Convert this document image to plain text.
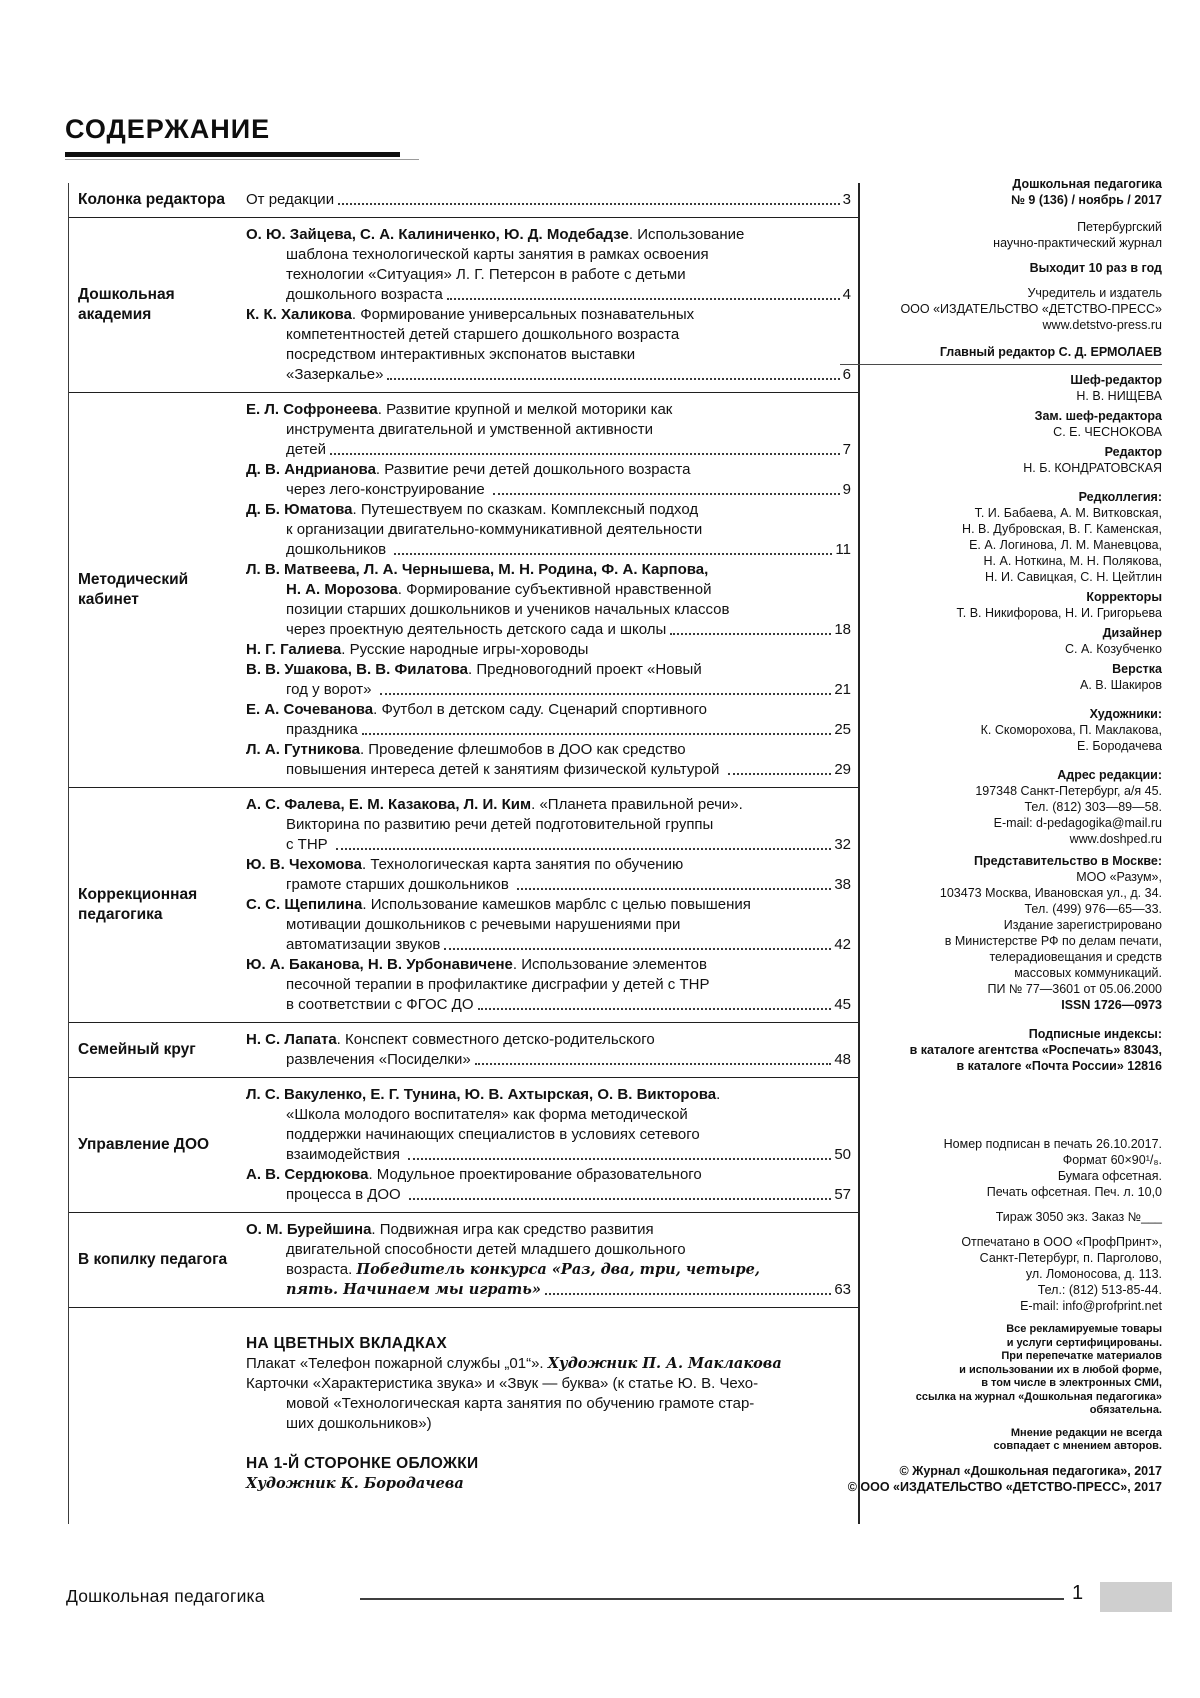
СОДЕРЖАНИЕ
Колонка редактора	От редакции	3
Дошкольная академия
О. Ю. Зайцева, С. А. Калиниченко, Ю. Д. Модебадзе. Использование
шаблона технологической карты занятия в рамках освоения
технологии «Ситуация» Л. Г. Петерсон в работе с детьми
дошкольного возраста	4
К. К. Халикова. Формирование универсальных познавательных
компетентностей детей старшего дошкольного возраста
посредством интерактивных экспонатов выставки
«Зазеркалье»	6
Методический кабинет
Е. Л. Софронеева. Развитие крупной и мелкой моторики как
инструмента двигательной и умственной активности
детей	7
Д. В. Андрианова. Развитие речи детей дошкольного возраста
через лего-конструирование	9
Д. Б. Юматова. Путешествуем по сказкам. Комплексный подход
к организации двигательно-коммуникативной деятельности
дошкольников	11
Л. В. Матвеева, Л. А. Чернышева, М. Н. Родина, Ф. А. Карпова,
Н. А. Морозова. Формирование субъективной нравственной
позиции старших дошкольников и учеников начальных классов
через проектную деятельность детского сада и школы	18
Н. Г. Галиева. Русские народные игры-хороводы
В. В. Ушакова, В. В. Филатова. Предновогодний проект «Новый
год у ворот»	21
Е. А. Сочеванова. Футбол в детском саду. Сценарий спортивного
праздника	25
Л. А. Гутникова. Проведение флешмобов в ДОО как средство
повышения интереса детей к занятиям физической культурой	29
Коррекционная педагогика
А. С. Фалева, Е. М. Казакова, Л. И. Ким. «Планета правильной речи».
Викторина по развитию речи детей подготовительной группы
с ТНР	32
Ю. В. Чехомова. Технологическая карта занятия по обучению
грамоте старших дошкольников	38
С. С. Щепилина. Использование камешков марблс с целью повышения
мотивации дошкольников с речевыми нарушениями при
автоматизации звуков	42
Ю. А. Баканова, Н. В. Урбонавичене. Использование элементов
песочной терапии в профилактике дисграфии у детей с ТНР
в соответствии с ФГОС ДО	45
Семейный круг
Н. С. Лапата. Конспект совместного детско-родительского
развлечения «Посиделки»	48
Управление ДОО
Л. С. Вакуленко, Е. Г. Тунина, Ю. В. Ахтырская, О. В. Викторова.
«Школа молодого воспитателя» как форма методической
поддержки начинающих специалистов в условиях сетевого
взаимодействия	50
А. В. Сердюкова. Модульное проектирование образовательного
процесса в ДОО	57
В копилку педагога
О. М. Бурейшина. Подвижная игра как средство развития
двигательной способности детей младшего дошкольного
возраста. Победитель конкурса «Раз, два, три, четыре,
пять. Начинаем мы играть»	63
НА ЦВЕТНЫХ ВКЛАДКАХ
Плакат «Телефон пожарной службы „01“». Художник П. А. Маклакова
Карточки «Характеристика звука» и «Звук — буква» (к статье Ю. В. Чехо-
мовой «Технологическая карта занятия по обучению грамоте стар-
ших дошкольников»)
НА 1-Й СТОРОНКЕ ОБЛОЖКИ
Художник К. Бородачева
Дошкольная педагогика
№ 9 (136) / ноябрь / 2017
Петербургский
научно-практический журнал
Выходит 10 раз в год
Учредитель и издатель
ООО «ИЗДАТЕЛЬСТВО «ДЕТСТВО-ПРЕСС»
www.detstvo-press.ru
Главный редактор С. Д. ЕРМОЛАЕВ
Шеф-редактор
Н. В. НИЩЕВА
Зам. шеф-редактора
С. Е. ЧЕСНОКОВА
Редактор
Н. Б. КОНДРАТОВСКАЯ
Редколлегия:
Т. И. Бабаева, А. М. Витковская,
Н. В. Дубровская, В. Г. Каменская,
Е. А. Логинова, Л. М. Маневцова,
Н. А. Ноткина, М. Н. Полякова,
Н. И. Савицкая, С. Н. Цейтлин
Корректоры
Т. В. Никифорова, Н. И. Григорьева
Дизайнер
С. А. Козубченко
Верстка
А. В. Шакиров
Художники:
К. Скоморохова, П. Маклакова,
Е. Бородачева
Адрес редакции:
197348 Санкт-Петербург, а/я 45.
Тел. (812) 303—89—58.
E-mail: d-pedagogika@mail.ru
www.doshped.ru
Представительство в Москве:
МОО «Разум»,
103473 Москва, Ивановская ул., д. 34.
Тел. (499) 976—65—33.
Издание зарегистрировано
в Министерстве РФ по делам печати,
телерадиовещания и средств
массовых коммуникаций.
ПИ № 77—3601 от 05.06.2000
ISSN 1726—0973
Подписные индексы:
в каталоге агентства «Роспечать» 83043,
в каталоге «Почта России» 12816
Номер подписан в печать 26.10.2017.
Формат 60×90¹/₈.
Бумага офсетная.
Печать офсетная. Печ. л. 10,0
Тираж 3050 экз. Заказ №___
Отпечатано в ООО «ПрофПринт»,
Санкт-Петербург, п. Парголово,
ул. Ломоносова, д. 113.
Тел.: (812) 513-85-44.
E-mail: info@profprint.net
Все рекламируемые товары
и услуги сертифицированы.
При перепечатке материалов
и использовании их в любой форме,
в том числе в электронных СМИ,
ссылка на журнал «Дошкольная педагогика»
обязательна.
Мнение редакции не всегда
совпадает с мнением авторов.
© Журнал «Дошкольная педагогика», 2017
© ООО «ИЗДАТЕЛЬСТВО «ДЕТСТВО-ПРЕСС», 2017
Дошкольная педагогика	1
